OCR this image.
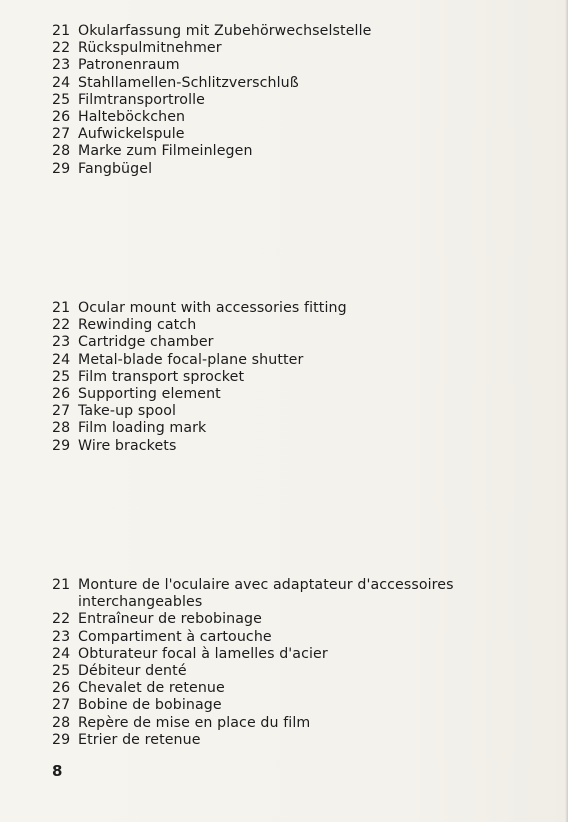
21 Okularfassung mit Zubehörwechselstelle
22 Rückspulmitnehmer
23 Patronenraum
24 Stahllamellen-Schlitzverschluß
25 Filmtransportrolle
26 Halteböckchen
27 Aufwickelspule
28 Marke zum Filmeinlegen
29 Fangbügel
21 Ocular mount with accessories fitting
22 Rewinding catch
23 Cartridge chamber
24 Metal-blade focal-plane shutter
25 Film transport sprocket
26 Supporting element
27 Take-up spool
28 Film loading mark
29 Wire brackets
21 Monture de l'oculaire avec adaptateur d'accessoires interchangeables
22 Entraîneur de rebobinage
23 Compartiment à cartouche
24 Obturateur focal à lamelles d'acier
25 Débiteur denté
26 Chevalet de retenue
27 Bobine de bobinage
28 Repère de mise en place du film
29 Etrier de retenue
8
